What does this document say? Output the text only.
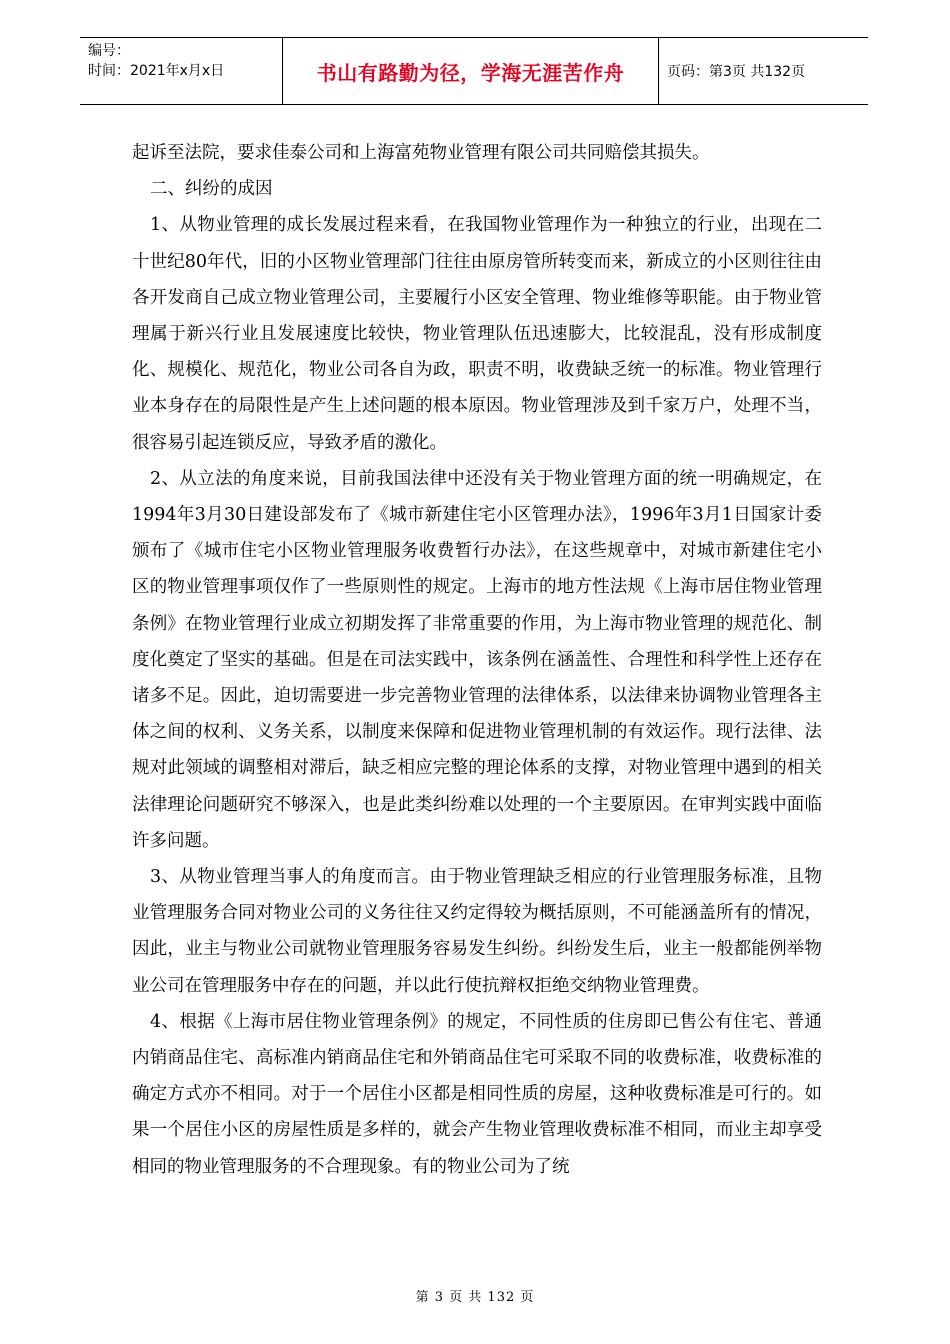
编号：
时间：2021年x月x日	书山有路勤为径，学海无涯苦作舟	页码：第3页 共132页

起诉至法院，要求佳泰公司和上海富苑物业管理有限公司共同赔偿其损失。

二、纠纷的成因

1、从物业管理的成长发展过程来看，在我国物业管理作为一种独立的行业，出现在二十世纪80年代，旧的小区物业管理部门往往由原房管所转变而来，新成立的小区则往往由各开发商自己成立物业管理公司，主要履行小区安全管理、物业维修等职能。由于物业管理属于新兴行业且发展速度比较快，物业管理队伍迅速膨大，比较混乱，没有形成制度化、规模化、规范化，物业公司各自为政，职责不明，收费缺乏统一的标准。物业管理行业本身存在的局限性是产生上述问题的根本原因。物业管理涉及到千家万户，处理不当，很容易引起连锁反应，导致矛盾的激化。

2、从立法的角度来说，目前我国法律中还没有关于物业管理方面的统一明确规定，在1994年3月30日建设部发布了《城市新建住宅小区管理办法》，1996年3月1日国家计委颁布了《城市住宅小区物业管理服务收费暂行办法》，在这些规章中，对城市新建住宅小区的物业管理事项仅作了一些原则性的规定。上海市的地方性法规《上海市居住物业管理条例》在物业管理行业成立初期发挥了非常重要的作用，为上海市物业管理的规范化、制度化奠定了坚实的基础。但是在司法实践中，该条例在涵盖性、合理性和科学性上还存在诸多不足。因此，迫切需要进一步完善物业管理的法律体系，以法律来协调物业管理各主体之间的权利、义务关系，以制度来保障和促进物业管理机制的有效运作。现行法律、法规对此领域的调整相对滞后，缺乏相应完整的理论体系的支撑，对物业管理中遇到的相关法律理论问题研究不够深入，也是此类纠纷难以处理的一个主要原因。在审判实践中面临许多问题。

3、从物业管理当事人的角度而言。由于物业管理缺乏相应的行业管理服务标准，且物业管理服务合同对物业公司的义务往往又约定得较为概括原则，不可能涵盖所有的情况，因此，业主与物业公司就物业管理服务容易发生纠纷。纠纷发生后，业主一般都能例举物业公司在管理服务中存在的问题，并以此行使抗辩权拒绝交纳物业管理费。

4、根据《上海市居住物业管理条例》的规定，不同性质的住房即已售公有住宅、普通内销商品住宅、高标准内销商品住宅和外销商品住宅可采取不同的收费标准，收费标准的确定方式亦不相同。对于一个居住小区都是相同性质的房屋，这种收费标准是可行的。如果一个居住小区的房屋性质是多样的，就会产生物业管理收费标准不相同，而业主却享受相同的物业管理服务的不合理现象。有的物业公司为了统

第 3 页 共 132 页
